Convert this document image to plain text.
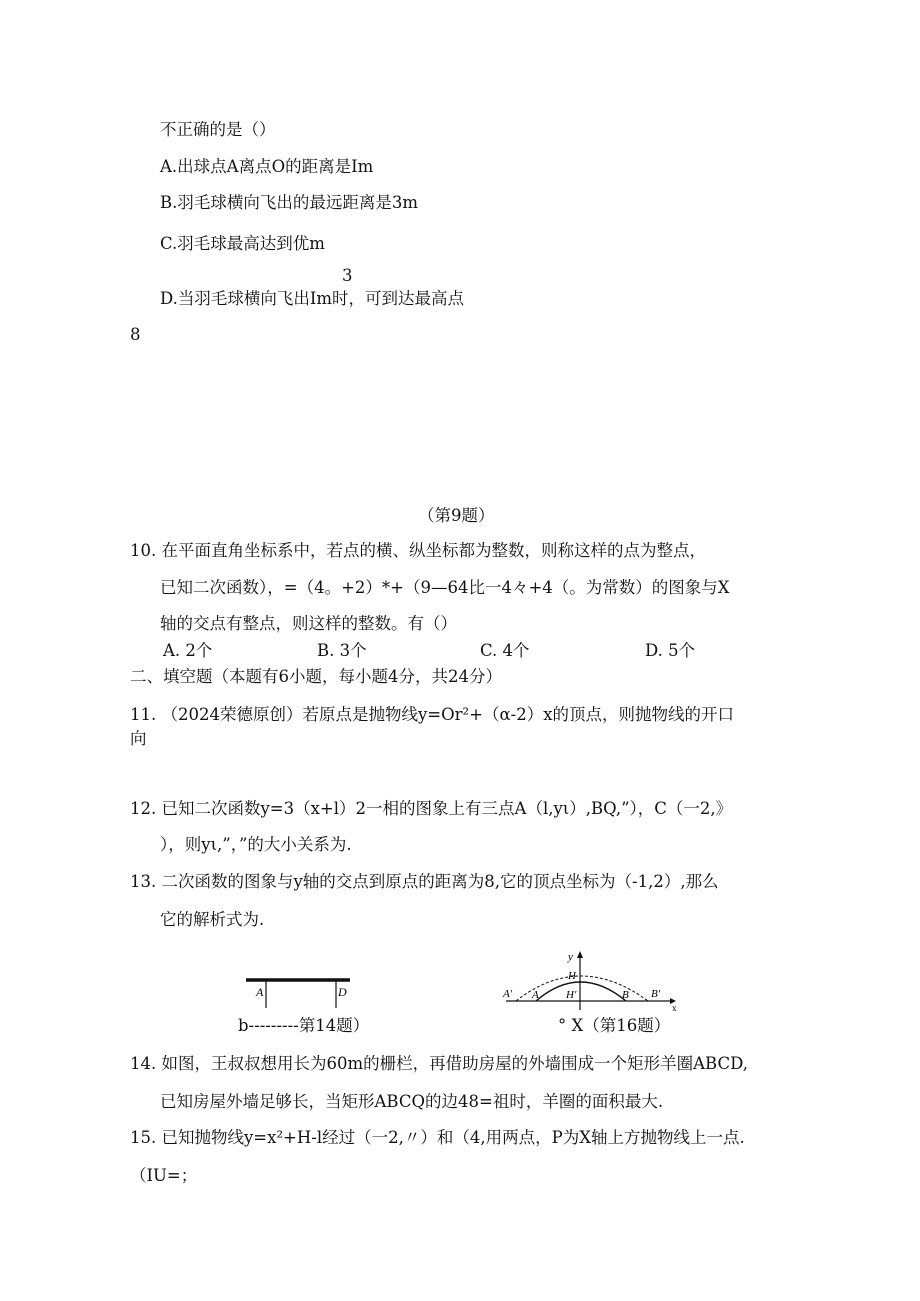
不正确的是（）
A.出球点A离点O的距离是Im
B.羽毛球横向飞出的最远距离是3m
C.羽毛球最高达到优m
3
D.当羽毛球横向飞出Im时，可到达最高点
8
（第9题）
10. 在平面直角坐标系中，若点的横、纵坐标都为整数，则称这样的点为整点，
已知二次函数），=（4。+2）*+（9—64比一4々+4（。为常数）的图象与X
轴的交点有整点，则这样的整数。有（）
A. 2个	B. 3个	C. 4个	D. 5个
二、填空题（本题有6小题，每小题4分，共24分）
11. （2024荣德原创）若原点是抛物线y=Or²+（α-2）x的顶点，则抛物线的开口
向
12. 已知二次函数y=3（x+l）2一相的图象上有三点A（l,yι）,BQ,”），C（一2,》
），则yι,”，”的大小关系为.
13. 二次函数的图象与y轴的交点到原点的距离为8,它的顶点坐标为（-1,2）,那么
它的解析式为.
A	D
b---------第14题）
y
H
H'
A' A	B B'
x
° X（第16题）
14. 如图，王叔叔想用长为60m的栅栏，再借助房屋的外墙围成一个矩形羊圈ABCD,
已知房屋外墙足够长，当矩形ABCQ的边48=祖时，羊圈的面积最大.
15. 已知抛物线y=x²+H-l经过（一2,〃）和（4,用两点，P为X轴上方抛物线上一点.
（IU=；
